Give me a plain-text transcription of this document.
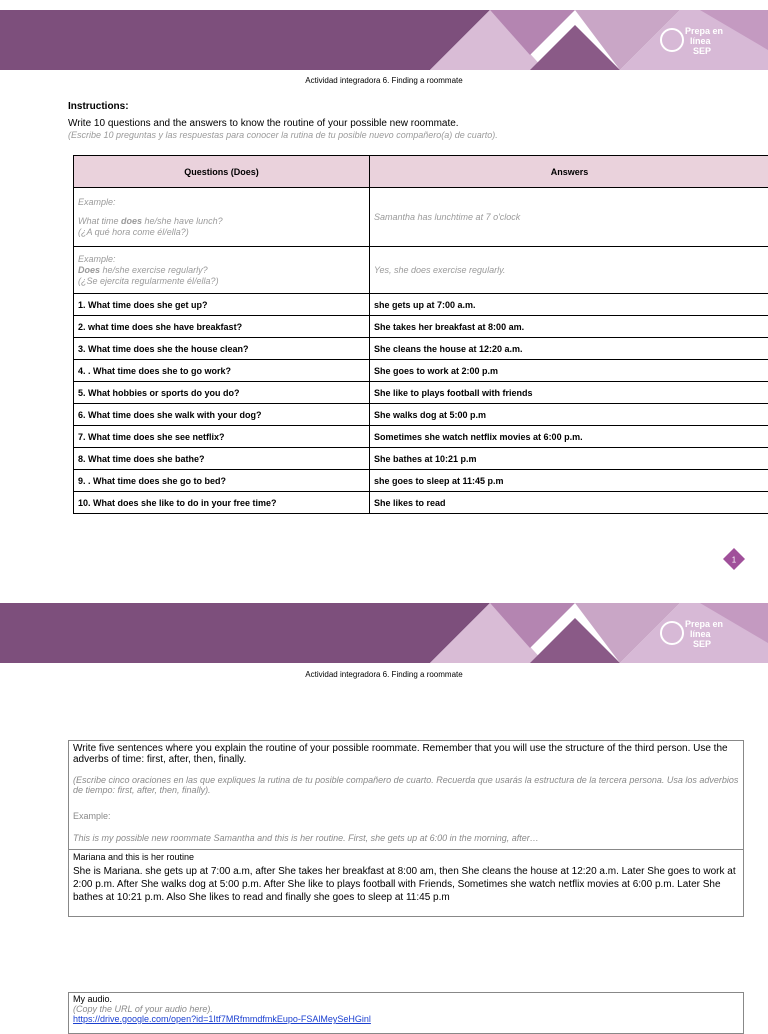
Prepa en
línea
SEP
Actividad integradora 6. Finding a roommate
Instructions:
Write 10 questions and the answers to know the routine of your possible new roommate.
(Escribe 10 preguntas y las respuestas para conocer la rutina de tu posible nuevo compañero(a) de cuarto).
Questions (Does)	Answers

Example:
What time does he/she have lunch?
(¿A qué hora come él/ella?)	Samantha has lunchtime at 7 o'clock

Example:
Does he/she exercise regularly?
(¿Se ejercita regularmente él/ella?)	Yes, she does exercise regularly.
1. What time does she get up?	she gets up at 7:00 a.m.
2. what time does she have breakfast?	She takes her breakfast at 8:00 am.
3. What time does she the house clean?	She cleans the house at 12:20 a.m.
4. . What time does she to go work?	She goes to work at 2:00 p.m
5. What hobbies or sports do you do?	She like to plays football with friends
6. What time does she walk with your dog?	She walks dog at 5:00 p.m
7. What time does she see netflix?	Sometimes she watch netflix movies at 6:00 p.m.
8. What time does she bathe?	She bathes at 10:21 p.m
9. . What time does she go to bed?	she goes to sleep at 11:45 p.m
10. What does she like to do in your free time?	She likes to read
1
Prepa en
línea
SEP
Actividad integradora 6. Finding a roommate
Write five sentences where you explain the routine of your possible roommate. Remember that you will use the structure of the third person. Use the adverbs of time: first, after, then, finally.
(Escribe cinco oraciones en las que expliques la rutina de tu posible compañero de cuarto. Recuerda que usarás la estructura de la tercera persona. Usa los adverbios de tiempo: first, after, then, finally).
Example:
This is my possible new roommate Samantha and this is her routine. First, she gets up at 6:00 in the morning, after…
Mariana and this is her routine
She is Mariana. she gets up at 7:00 a.m, after She takes her breakfast at 8:00 am, then She cleans the house at 12:20 a.m. Later She goes to work at 2:00 p.m. After She walks dog at 5:00 p.m. After She like to plays football with Friends, Sometimes she watch netflix movies at 6:00 p.m. Later She bathes at 10:21 p.m. Also She likes to read and finally she goes to sleep at 11:45 p.m
My audio.
(Copy the URL of your audio here).
https://drive.google.com/open?id=1Itf7MRfmmdfmkEupo-FSAlMeySeHGinl
